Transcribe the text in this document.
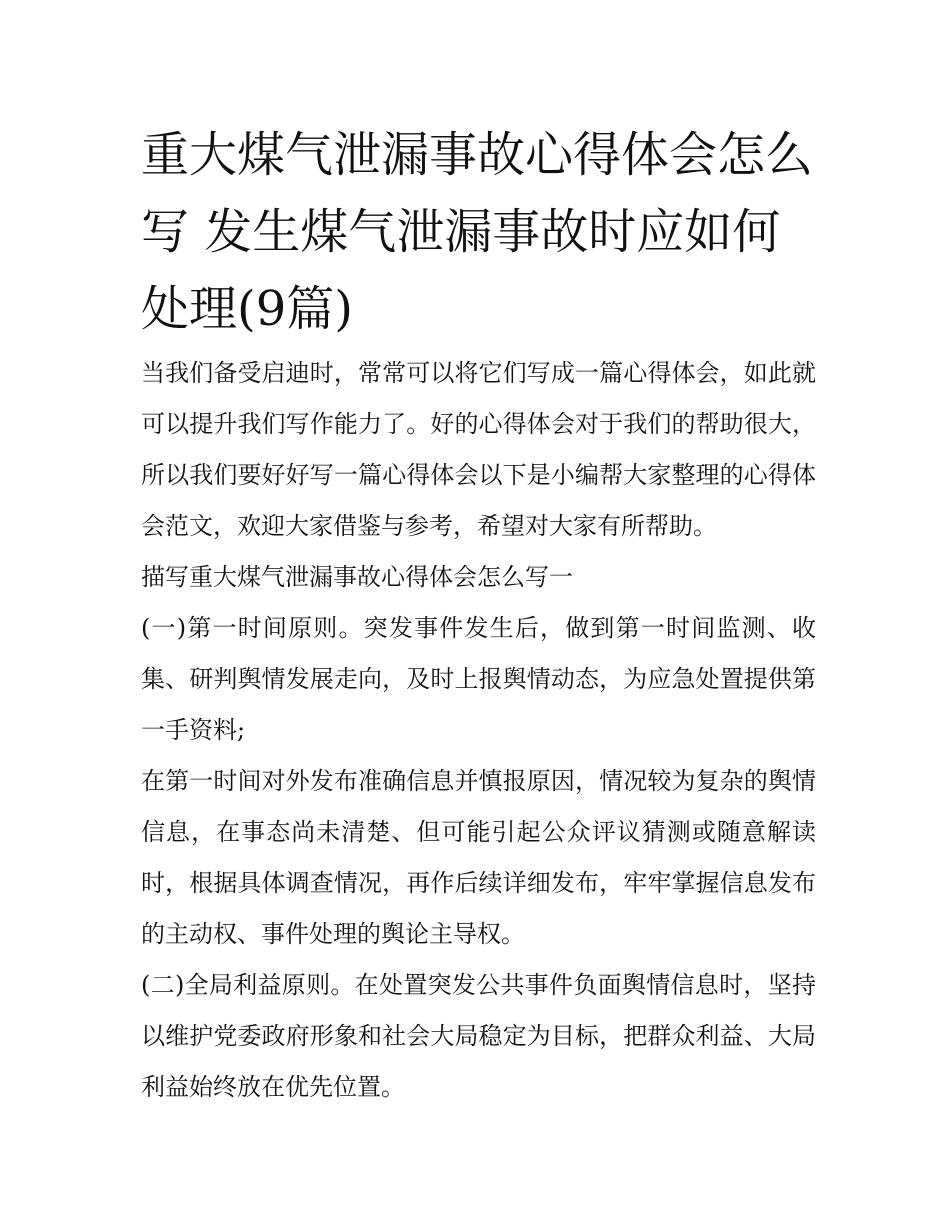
重大煤气泄漏事故心得体会怎么写 发生煤气泄漏事故时应如何处理(9篇)

当我们备受启迪时，常常可以将它们写成一篇心得体会，如此就可以提升我们写作能力了。好的心得体会对于我们的帮助很大，所以我们要好好写一篇心得体会以下是小编帮大家整理的心得体会范文，欢迎大家借鉴与参考，希望对大家有所帮助。

描写重大煤气泄漏事故心得体会怎么写一

(一)第一时间原则。突发事件发生后，做到第一时间监测、收集、研判舆情发展走向，及时上报舆情动态，为应急处置提供第一手资料;

在第一时间对外发布准确信息并慎报原因，情况较为复杂的舆情信息，在事态尚未清楚、但可能引起公众评议猜测或随意解读时，根据具体调查情况，再作后续详细发布，牢牢掌握信息发布的主动权、事件处理的舆论主导权。

(二)全局利益原则。在处置突发公共事件负面舆情信息时，坚持以维护党委政府形象和社会大局稳定为目标，把群众利益、大局利益始终放在优先位置。
